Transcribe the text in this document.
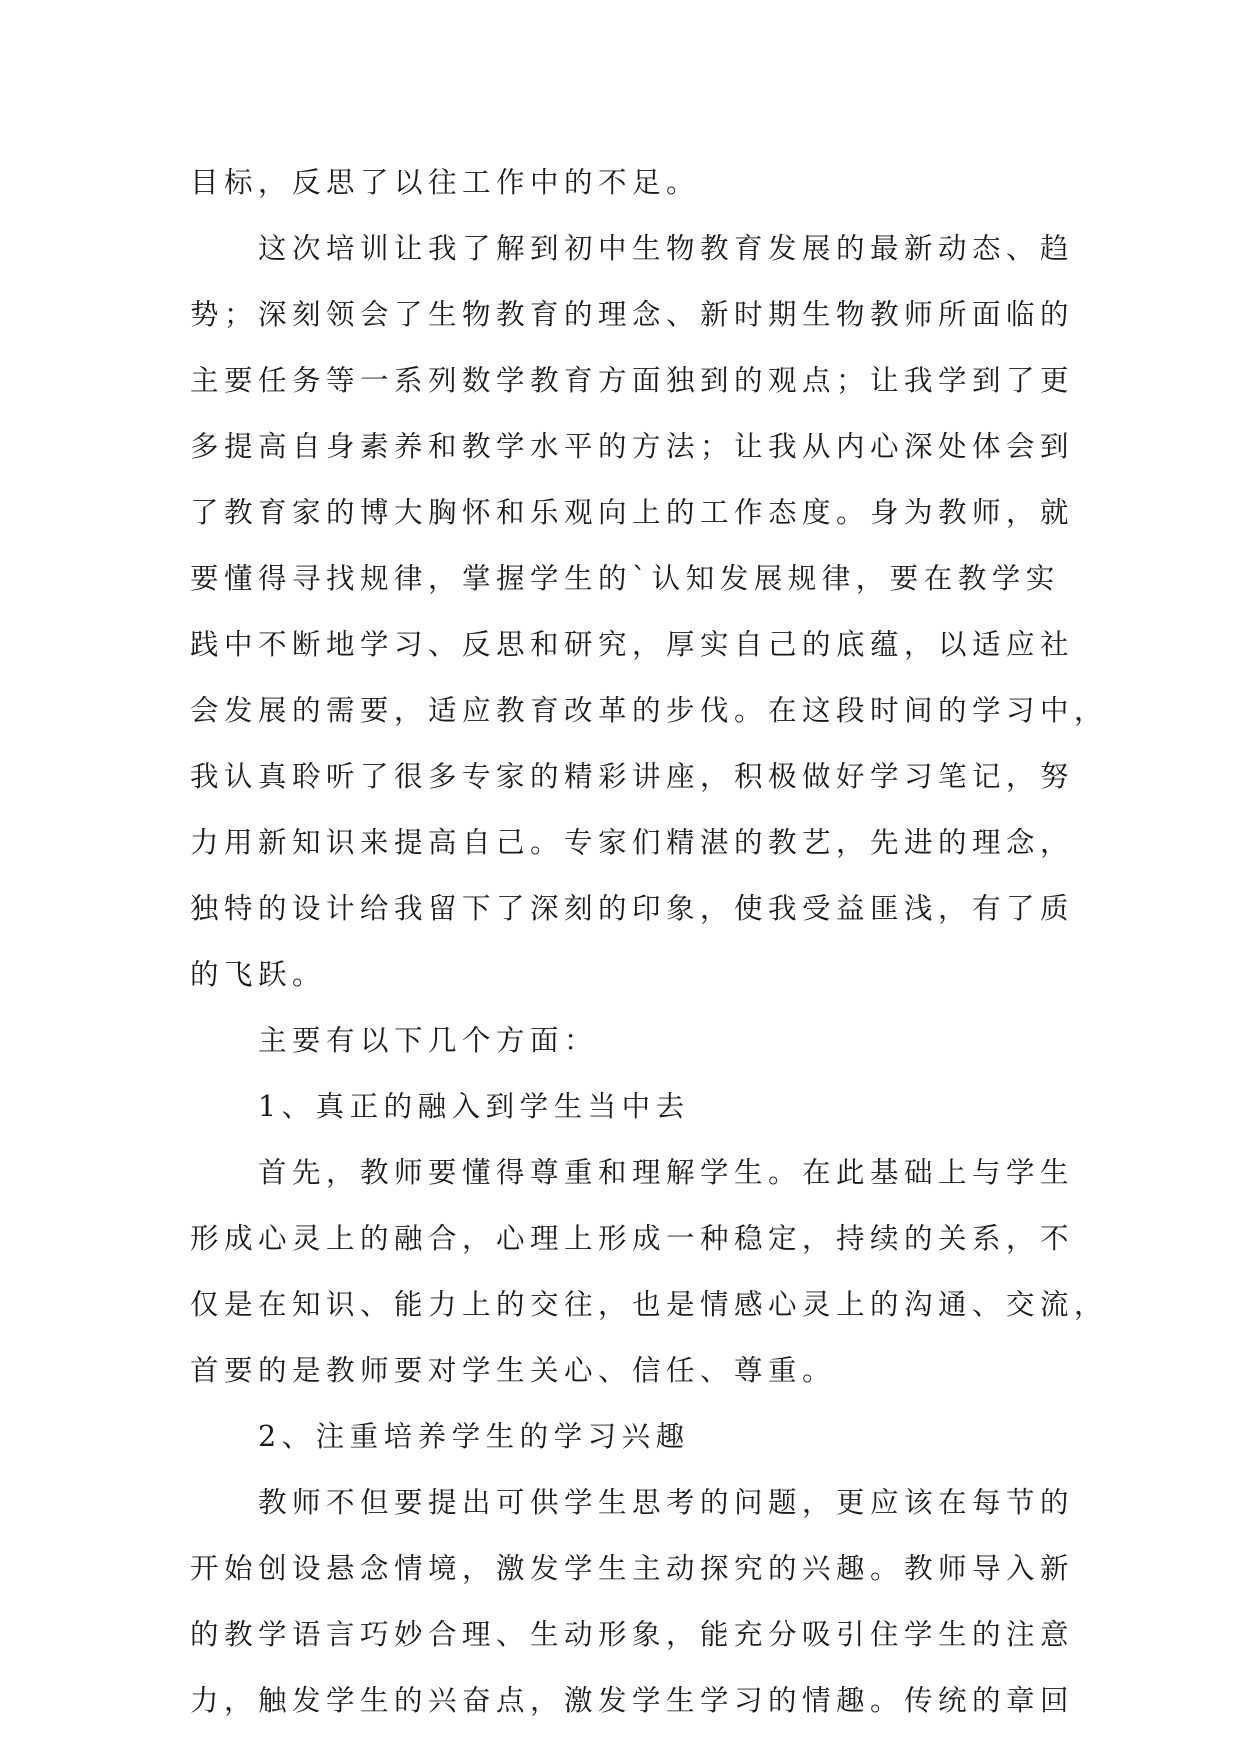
目标，反思了以往工作中的不足。
这次培训让我了解到初中生物教育发展的最新动态、趋
势；深刻领会了生物教育的理念、新时期生物教师所面临的
主要任务等一系列数学教育方面独到的观点；让我学到了更
多提高自身素养和教学水平的方法；让我从内心深处体会到
了教育家的博大胸怀和乐观向上的工作态度。身为教师，就
要懂得寻找规律，掌握学生的`认知发展规律，要在教学实
践中不断地学习、反思和研究，厚实自己的底蕴，以适应社
会发展的需要，适应教育改革的步伐。在这段时间的学习中，
我认真聆听了很多专家的精彩讲座，积极做好学习笔记，努
力用新知识来提高自己。专家们精湛的教艺，先进的理念，
独特的设计给我留下了深刻的印象，使我受益匪浅，有了质
的飞跃。
主要有以下几个方面：
1、真正的融入到学生当中去
首先，教师要懂得尊重和理解学生。在此基础上与学生
形成心灵上的融合，心理上形成一种稳定，持续的关系，不
仅是在知识、能力上的交往，也是情感心灵上的沟通、交流，
首要的是教师要对学生关心、信任、尊重。
2、注重培养学生的学习兴趣
教师不但要提出可供学生思考的问题，更应该在每节的
开始创设悬念情境，激发学生主动探究的兴趣。教师导入新
的教学语言巧妙合理、生动形象，能充分吸引住学生的注意
力，触发学生的兴奋点，激发学生学习的情趣。传统的章回
